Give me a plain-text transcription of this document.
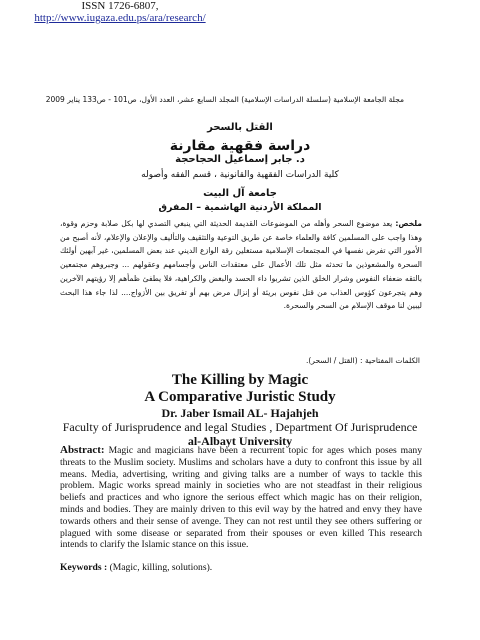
مجلة الجامعة الإسلامية (سلسلة الدراسات الإسلامية) المجلد السابع عشر، العدد الأول، ص101 - ص133 يناير 2009
ISSN 1726-6807, http://www.iugaza.edu.ps/ara/research/
القتل بالسحر
دراسة فقهية مقارنة
د. جابر إسماعيل الحجاحجة
كلية الدراسات الفقهية والقانونية ، قسم الفقه وأصوله
جامعة آل البيت
المملكة الأردنية الهاشمية – المفرق
ملخص: يعد موضوع السحر وأهله من الموضوعات القديمة الحديثة التي ينبغي التصدي لها بكل صلابة وحزم وقوة، وهذا واجب على المسلمين كافة والعلماء خاصة عن طريق التوعية والتثقيف والتأليف والإعلان والإعلام، لأنه أصبح من الأمور التي تفرض نفسها في المجتمعات الإسلامية مستغلين رقة الوازع الديني عند بعض المسلمين، غير آبهين أولئك السحرة والمشعوذين ما تحدثه مثل تلك الأعمال على معتقدات الناس وأجسامهم وعقولهم ... وجبروهم مجتمعين بالتقه ضعفاء النفوس وشرار الخلق الذين تشربوا داء الحسد والبغض والكراهية، فلا يطفئ ظمأهم إلا رؤيتهم الآخرين وهم يتجرعون كؤوس العذاب من قتل نفوس بريئة أو إنزال مرض بهم أو تفريق بين الأزواج.... لذا جاء هذا البحث ليبين لنا موقف الإسلام من السحر والسحرة.
الكلمات المفتاحية : (القتل / السحر).
The Killing by Magic
A Comparative Juristic Study
Dr. Jaber Ismail AL- Hajahjeh
Faculty of Jurisprudence and legal Studies , Department Of Jurisprudence
al-Albayt University
Abstract: Magic and magicians have been a recurrent topic for ages which poses many threats to the Muslim society. Muslims and scholars have a duty to confront this issue by all means. Media, advertising, writing and giving talks are a number of ways to tackle this problem. Magic works spread mainly in societies who are not steadfast in their religious beliefs and practices and who ignore the serious effect which magic has on their religion, minds and bodies. They are mainly driven to this evil way by the hatred and envy they have towards others and their sense of avenge. They can not rest until they see others suffering or plagued with some disease or separated from their spouses or even killed This research intends to clarify the Islamic stance on this issue.
Keywords : (Magic, killing, solutions).
